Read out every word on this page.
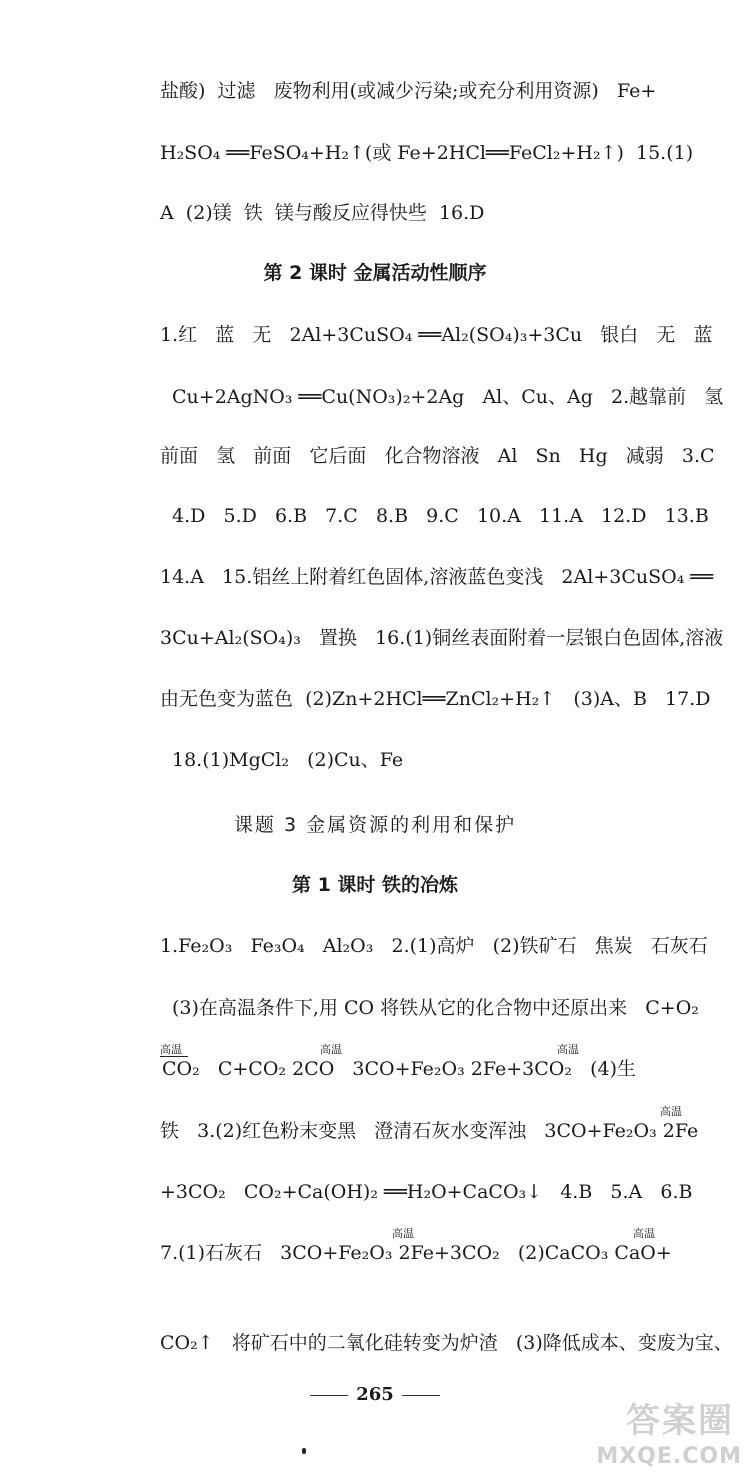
盐酸)  过滤   废物利用(或减少污染;或充分利用资源)   Fe+
H₂SO₄ ══FeSO₄+H₂↑(或 Fe+2HCl══FeCl₂+H₂↑)  15.(1)
A  (2)镁  铁  镁与酸反应得快些  16.D
第 2 课时 金属活动性顺序
1.红   蓝   无   2Al+3CuSO₄ ══Al₂(SO₄)₃+3Cu   银白   无   蓝
Cu+2AgNO₃ ══Cu(NO₃)₂+2Ag   Al、Cu、Ag   2.越靠前   氢
前面   氢   前面   它后面   化合物溶液   Al   Sn   Hg   减弱   3.C
4.D   5.D   6.B   7.C   8.B   9.C   10.A   11.A   12.D   13.B
14.A   15.铝丝上附着红色固体,溶液蓝色变浅   2Al+3CuSO₄ ══
3Cu+Al₂(SO₄)₃   置换   16.(1)铜丝表面附着一层银白色固体,溶液
由无色变为蓝色  (2)Zn+2HCl══ZnCl₂+H₂↑   (3)A、B   17.D
18.(1)MgCl₂   (2)Cu、Fe
课题 3 金属资源的利用和保护
第 1 课时 铁的冶炼
1.Fe₂O₃   Fe₃O₄   Al₂O₃   2.(1)高炉   (2)铁矿石   焦炭   石灰石
(3)在高温条件下,用 CO 将铁从它的化合物中还原出来   C+O₂

高温

	高温

	高温

CO₂   C+CO₂ 2CO   3CO+Fe₂O₃ 2Fe+3CO₂   (4)生

高温

铁   3.(2)红色粉末变黑   澄清石灰水变浑浊   3CO+Fe₂O₃ 2Fe

+3CO₂   CO₂+Ca(OH)₂ ══H₂O+CaCO₃↓   4.B   5.A   6.B

高温

	高温

7.(1)石灰石   3CO+Fe₂O₃ 2Fe+3CO₂   (2)CaCO₃ CaO+

CO₂↑   将矿石中的二氧化硅转变为炉渣   (3)降低成本、变废为宝、
265
答案圈
MXQE.COM
